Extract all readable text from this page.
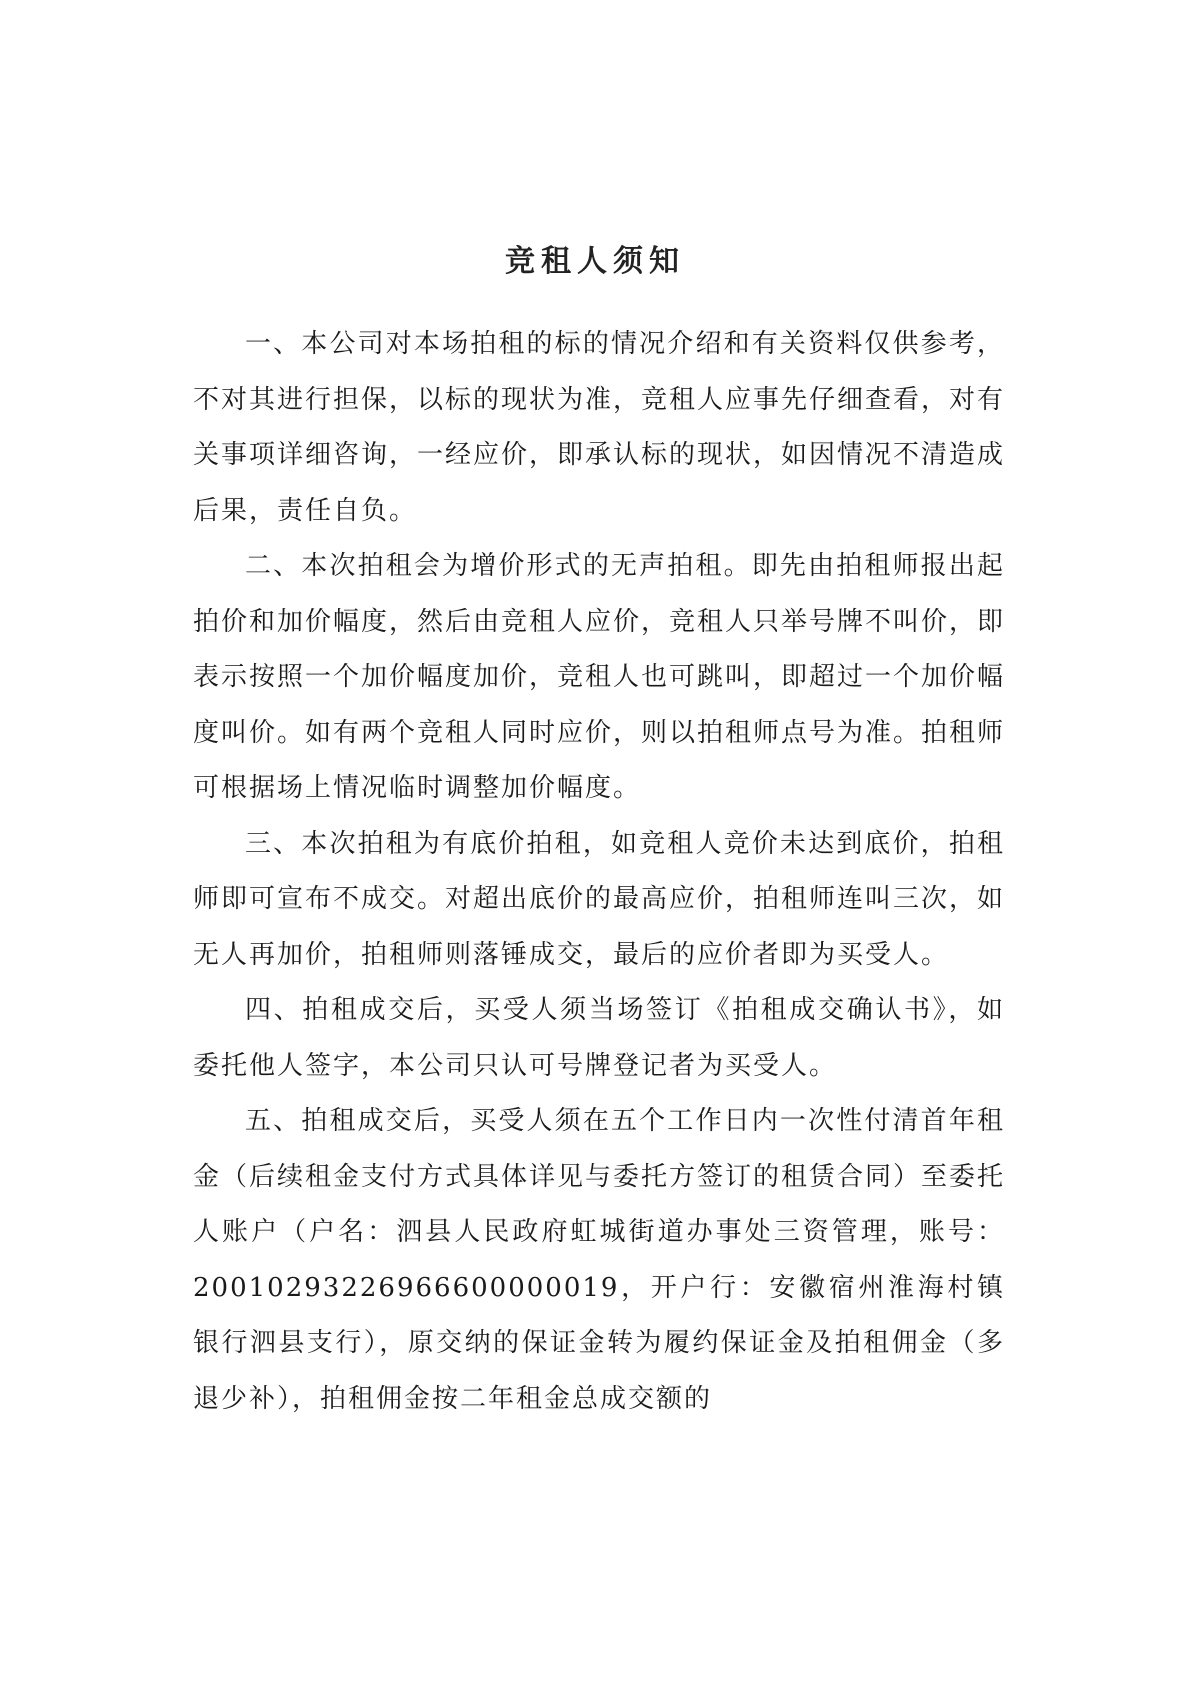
竞租人须知

一、本公司对本场拍租的标的情况介绍和有关资料仅供参考，不对其进行担保，以标的现状为准，竞租人应事先仔细查看，对有关事项详细咨询，一经应价，即承认标的现状，如因情况不清造成后果，责任自负。

二、本次拍租会为增价形式的无声拍租。即先由拍租师报出起拍价和加价幅度，然后由竞租人应价，竞租人只举号牌不叫价，即表示按照一个加价幅度加价，竞租人也可跳叫，即超过一个加价幅度叫价。如有两个竞租人同时应价，则以拍租师点号为准。拍租师可根据场上情况临时调整加价幅度。

三、本次拍租为有底价拍租，如竞租人竞价未达到底价，拍租师即可宣布不成交。对超出底价的最高应价，拍租师连叫三次，如无人再加价，拍租师则落锤成交，最后的应价者即为买受人。

四、拍租成交后，买受人须当场签订《拍租成交确认书》，如委托他人签字，本公司只认可号牌登记者为买受人。

五、拍租成交后，买受人须在五个工作日内一次性付清首年租金（后续租金支付方式具体详见与委托方签订的租赁合同）至委托人账户（户名：泗县人民政府虹城街道办事处三资管理，账号：20010293226966600000019，开户行：安徽宿州淮海村镇银行泗县支行），原交纳的保证金转为履约保证金及拍租佣金（多退少补），拍租佣金按二年租金总成交额的
